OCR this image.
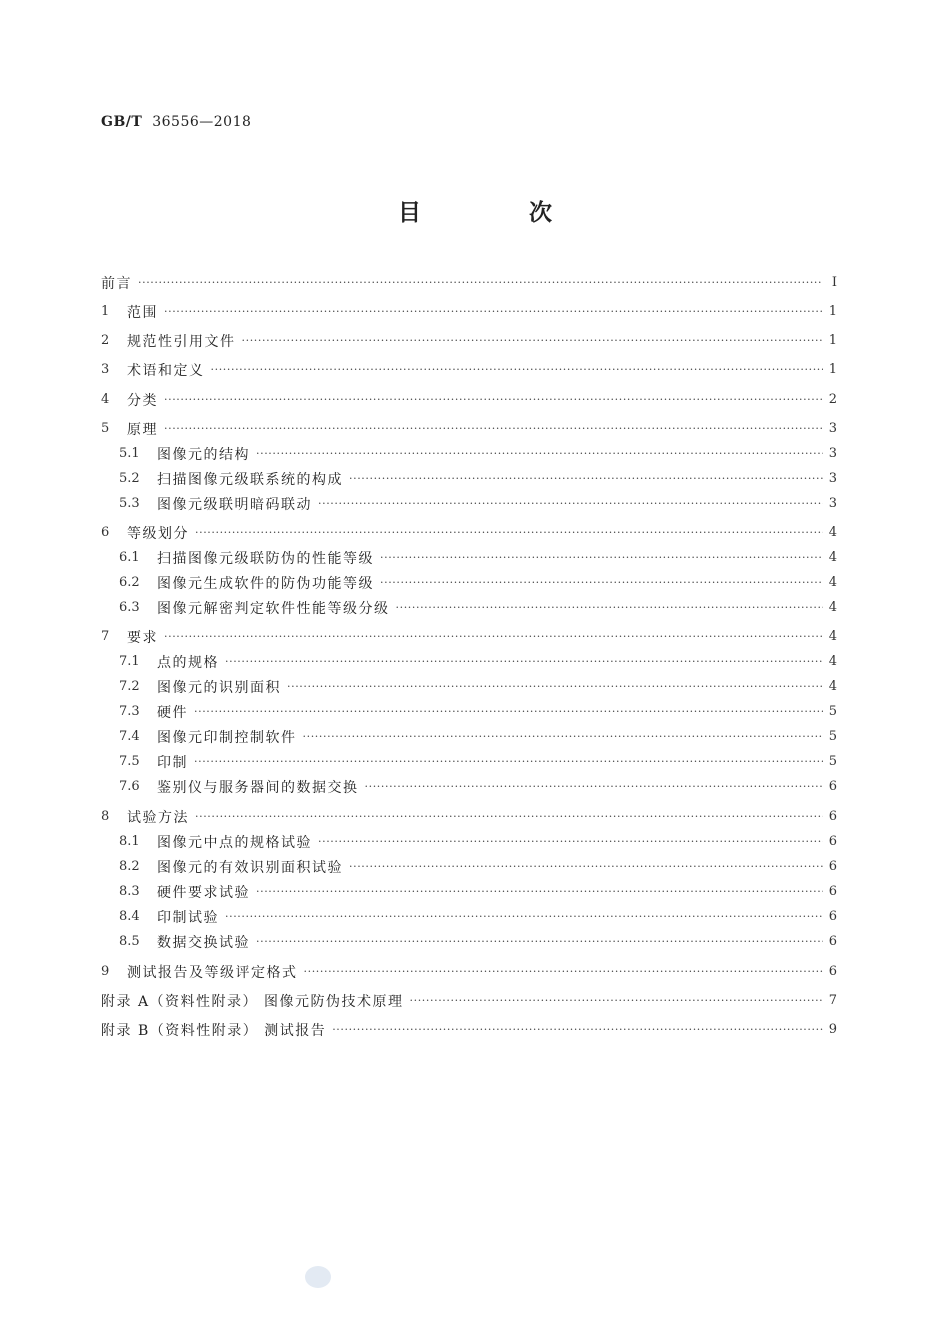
GB/T 36556—2018
目 次
前言 ·····	Ⅰ
1	范围 ·····	1
2	规范性引用文件 ·····	1
3	术语和定义 ·····	1
4	分类 ·····	2
5	原理 ·····	3
5.1	图像元的结构 ·····	3
5.2	扫描图像元级联系统的构成 ·····	3
5.3	图像元级联明暗码联动 ·····	3
6	等级划分 ·····	4
6.1	扫描图像元级联防伪的性能等级 ·····	4
6.2	图像元生成软件的防伪功能等级 ·····	4
6.3	图像元解密判定软件性能等级分级 ·····	4
7	要求 ·····	4
7.1	点的规格 ·····	4
7.2	图像元的识别面积 ·····	4
7.3	硬件 ·····	5
7.4	图像元印制控制软件 ·····	5
7.5	印制 ·····	5
7.6	鉴别仪与服务器间的数据交换 ·····	6
8	试验方法 ·····	6
8.1	图像元中点的规格试验 ·····	6
8.2	图像元的有效识别面积试验 ·····	6
8.3	硬件要求试验 ·····	6
8.4	印制试验 ·····	6
8.5	数据交换试验 ·····	6
9	测试报告及等级评定格式 ·····	6
附录 A（资料性附录） 图像元防伪技术原理 ·····	7
附录 B（资料性附录） 测试报告 ·····	9
